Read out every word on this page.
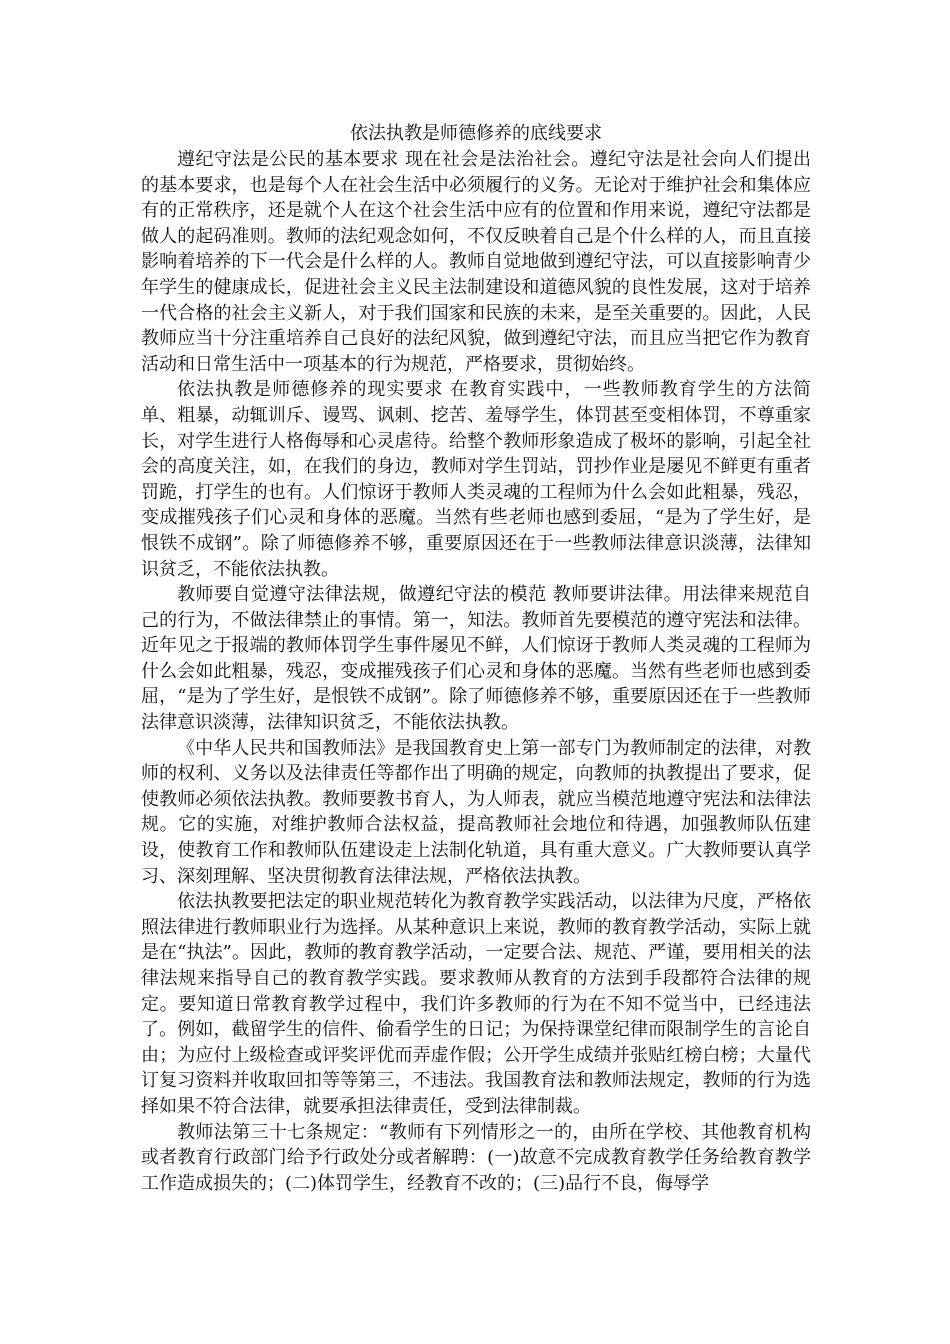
依法执教是师德修养的底线要求

遵纪守法是公民的基本要求 现在社会是法治社会。遵纪守法是社会向人们提出的基本要求，也是每个人在社会生活中必须履行的义务。无论对于维护社会和集体应有的正常秩序，还是就个人在这个社会生活中应有的位置和作用来说，遵纪守法都是做人的起码准则。教师的法纪观念如何，不仅反映着自己是个什么样的人，而且直接影响着培养的下一代会是什么样的人。教师自觉地做到遵纪守法，可以直接影响青少年学生的健康成长，促进社会主义民主法制建设和道德风貌的良性发展，这对于培养一代合格的社会主义新人，对于我们国家和民族的未来，是至关重要的。因此，人民教师应当十分注重培养自己良好的法纪风貌，做到遵纪守法，而且应当把它作为教育活动和日常生活中一项基本的行为规范，严格要求，贯彻始终。

依法执教是师德修养的现实要求 在教育实践中，一些教师教育学生的方法简单、粗暴，动辄训斥、谩骂、讽刺、挖苦、羞辱学生，体罚甚至变相体罚，不尊重家长，对学生进行人格侮辱和心灵虐待。给整个教师形象造成了极坏的影响，引起全社会的高度关注，如，在我们的身边，教师对学生罚站，罚抄作业是屡见不鲜更有重者罚跪，打学生的也有。人们惊讶于教师人类灵魂的工程师为什么会如此粗暴，残忍，变成摧残孩子们心灵和身体的恶魔。当然有些老师也感到委屈，“是为了学生好，是恨铁不成钢”。除了师德修养不够，重要原因还在于一些教师法律意识淡薄，法律知识贫乏，不能依法执教。

教师要自觉遵守法律法规，做遵纪守法的模范 教师要讲法律。用法律来规范自己的行为，不做法律禁止的事情。第一，知法。教师首先要模范的遵守宪法和法律。近年见之于报端的教师体罚学生事件屡见不鲜，人们惊讶于教师人类灵魂的工程师为什么会如此粗暴，残忍，变成摧残孩子们心灵和身体的恶魔。当然有些老师也感到委屈，“是为了学生好，是恨铁不成钢”。除了师德修养不够，重要原因还在于一些教师法律意识淡薄，法律知识贫乏，不能依法执教。

《中华人民共和国教师法》是我国教育史上第一部专门为教师制定的法律，对教师的权利、义务以及法律责任等都作出了明确的规定，向教师的执教提出了要求，促使教师必须依法执教。教师要教书育人，为人师表，就应当模范地遵守宪法和法律法规。它的实施，对维护教师合法权益，提高教师社会地位和待遇，加强教师队伍建设，使教育工作和教师队伍建设走上法制化轨道，具有重大意义。广大教师要认真学习、深刻理解、坚决贯彻教育法律法规，严格依法执教。

依法执教要把法定的职业规范转化为教育教学实践活动，以法律为尺度，严格依照法律进行教师职业行为选择。从某种意识上来说，教师的教育教学活动，实际上就是在“执法”。因此，教师的教育教学活动，一定要合法、规范、严谨，要用相关的法律法规来指导自己的教育教学实践。要求教师从教育的方法到手段都符合法律的规定。要知道日常教育教学过程中，我们许多教师的行为在不知不觉当中，已经违法了。例如，截留学生的信件、偷看学生的日记；为保持课堂纪律而限制学生的言论自由；为应付上级检查或评奖评优而弄虚作假；公开学生成绩并张贴红榜白榜；大量代订复习资料并收取回扣等等第三，不违法。我国教育法和教师法规定，教师的行为选择如果不符合法律，就要承担法律责任，受到法律制裁。

教师法第三十七条规定：“教师有下列情形之一的，由所在学校、其他教育机构或者教育行政部门给予行政处分或者解聘：(一)故意不完成教育教学任务给教育教学工作造成损失的；(二)体罚学生，经教育不改的；(三)品行不良，侮辱学
